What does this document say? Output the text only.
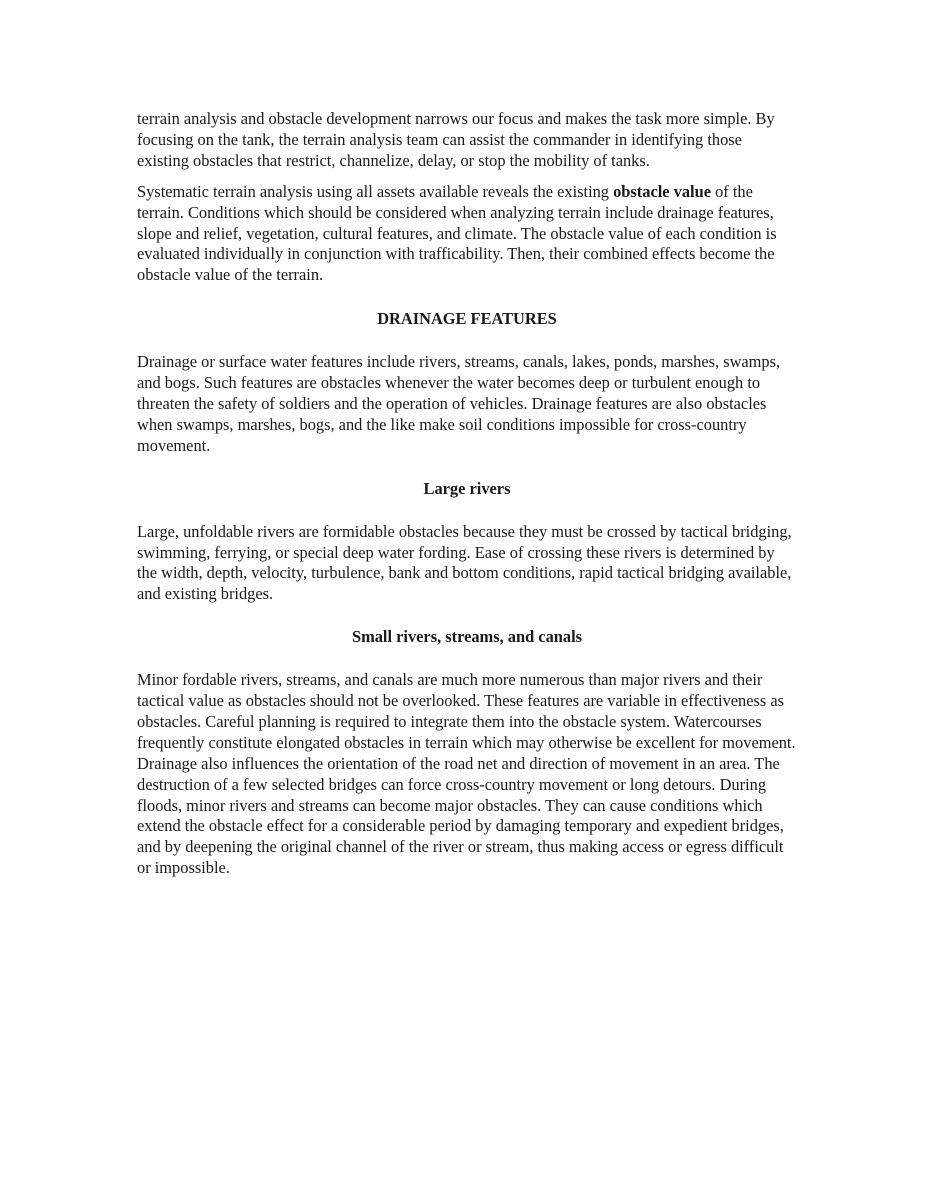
terrain analysis and obstacle development narrows our focus and makes the task more simple. By focusing on the tank, the terrain analysis team can assist the commander in identifying those existing obstacles that restrict, channelize, delay, or stop the mobility of tanks.

Systematic terrain analysis using all assets available reveals the existing obstacle value of the terrain. Conditions which should be considered when analyzing terrain include drainage features, slope and relief, vegetation, cultural features, and climate. The obstacle value of each condition is evaluated individually in conjunction with trafficability. Then, their combined effects become the obstacle value of the terrain.

DRAINAGE FEATURES

Drainage or surface water features include rivers, streams, canals, lakes, ponds, marshes, swamps, and bogs. Such features are obstacles whenever the water becomes deep or turbulent enough to threaten the safety of soldiers and the operation of vehicles. Drainage features are also obstacles when swamps, marshes, bogs, and the like make soil conditions impossible for cross-country movement.

Large rivers

Large, unfoldable rivers are formidable obstacles because they must be crossed by tactical bridging, swimming, ferrying, or special deep water fording. Ease of crossing these rivers is determined by the width, depth, velocity, turbulence, bank and bottom conditions, rapid tactical bridging available, and existing bridges.

Small rivers, streams, and canals

Minor fordable rivers, streams, and canals are much more numerous than major rivers and their tactical value as obstacles should not be overlooked. These features are variable in effectiveness as obstacles. Careful planning is required to integrate them into the obstacle system. Watercourses frequently constitute elongated obstacles in terrain which may otherwise be excellent for movement. Drainage also influences the orientation of the road net and direction of movement in an area. The destruction of a few selected bridges can force cross-country movement or long detours. During floods, minor rivers and streams can become major obstacles. They can cause conditions which extend the obstacle effect for a considerable period by damaging temporary and expedient bridges, and by deepening the original channel of the river or stream, thus making access or egress difficult or impossible.
